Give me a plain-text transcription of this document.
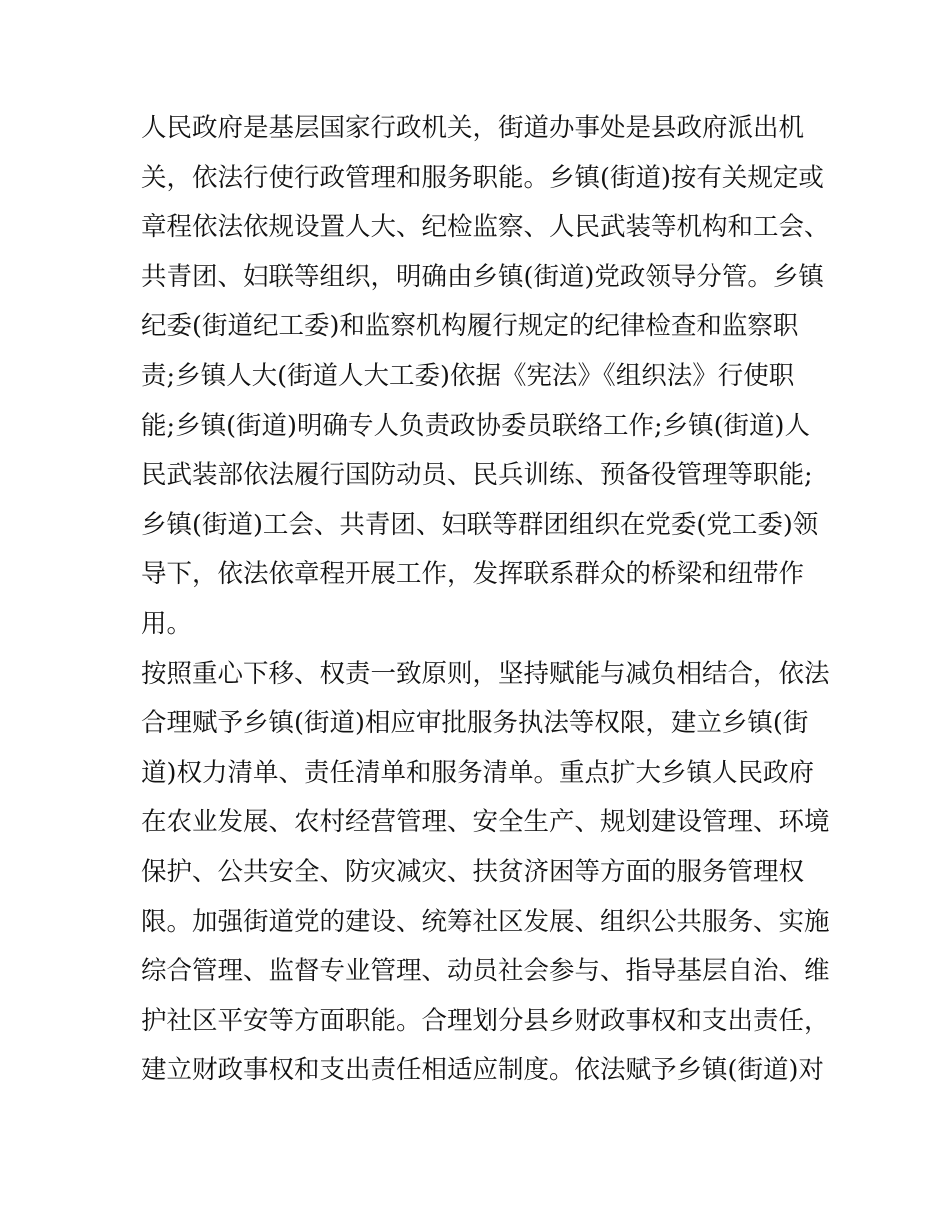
人民政府是基层国家行政机关，街道办事处是县政府派出机
关，依法行使行政管理和服务职能。乡镇(街道)按有关规定或
章程依法依规设置人大、纪检监察、人民武装等机构和工会、
共青团、妇联等组织，明确由乡镇(街道)党政领导分管。乡镇
纪委(街道纪工委)和监察机构履行规定的纪律检查和监察职
责;乡镇人大(街道人大工委)依据《宪法》《组织法》行使职
能;乡镇(街道)明确专人负责政协委员联络工作;乡镇(街道)人
民武装部依法履行国防动员、民兵训练、预备役管理等职能;
乡镇(街道)工会、共青团、妇联等群团组织在党委(党工委)领
导下，依法依章程开展工作，发挥联系群众的桥梁和纽带作
用。
按照重心下移、权责一致原则，坚持赋能与减负相结合，依法
合理赋予乡镇(街道)相应审批服务执法等权限，建立乡镇(街
道)权力清单、责任清单和服务清单。重点扩大乡镇人民政府
在农业发展、农村经营管理、安全生产、规划建设管理、环境
保护、公共安全、防灾减灾、扶贫济困等方面的服务管理权
限。加强街道党的建设、统筹社区发展、组织公共服务、实施
综合管理、监督专业管理、动员社会参与、指导基层自治、维
护社区平安等方面职能。合理划分县乡财政事权和支出责任，
建立财政事权和支出责任相适应制度。依法赋予乡镇(街道)对
